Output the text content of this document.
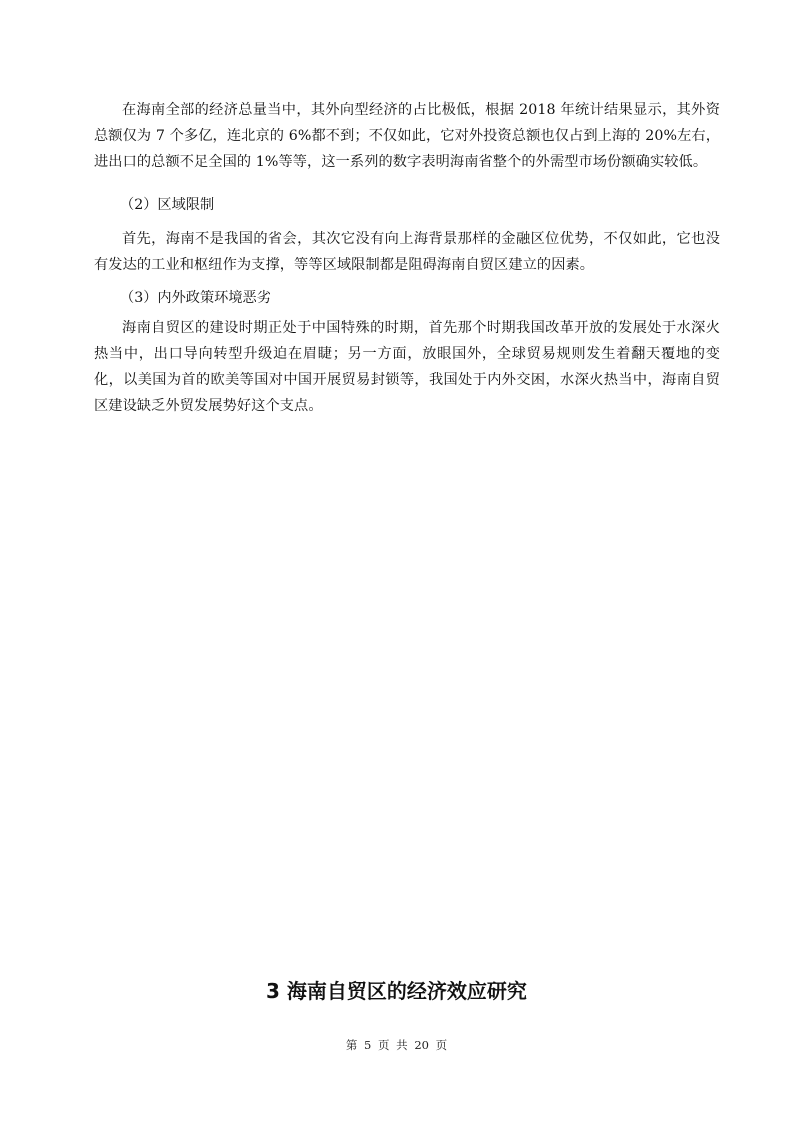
在海南全部的经济总量当中，其外向型经济的占比极低，根据 2018 年统计结果显示，其外资总额仅为 7 个多亿，连北京的 6%都不到；不仅如此，它对外投资总额也仅占到上海的 20%左右，进出口的总额不足全国的 1%等等，这一系列的数字表明海南省整个的外需型市场份额确实较低。

（2）区域限制

首先，海南不是我国的省会，其次它没有向上海背景那样的金融区位优势，不仅如此，它也没有发达的工业和枢纽作为支撑，等等区域限制都是阻碍海南自贸区建立的因素。

（3）内外政策环境恶劣

海南自贸区的建设时期正处于中国特殊的时期，首先那个时期我国改革开放的发展处于水深火热当中，出口导向转型升级迫在眉睫；另一方面，放眼国外，全球贸易规则发生着翻天覆地的变化，以美国为首的欧美等国对中国开展贸易封锁等，我国处于内外交困，水深火热当中，海南自贸区建设缺乏外贸发展势好这个支点。

3 海南自贸区的经济效应研究
第 5 页 共 20 页
